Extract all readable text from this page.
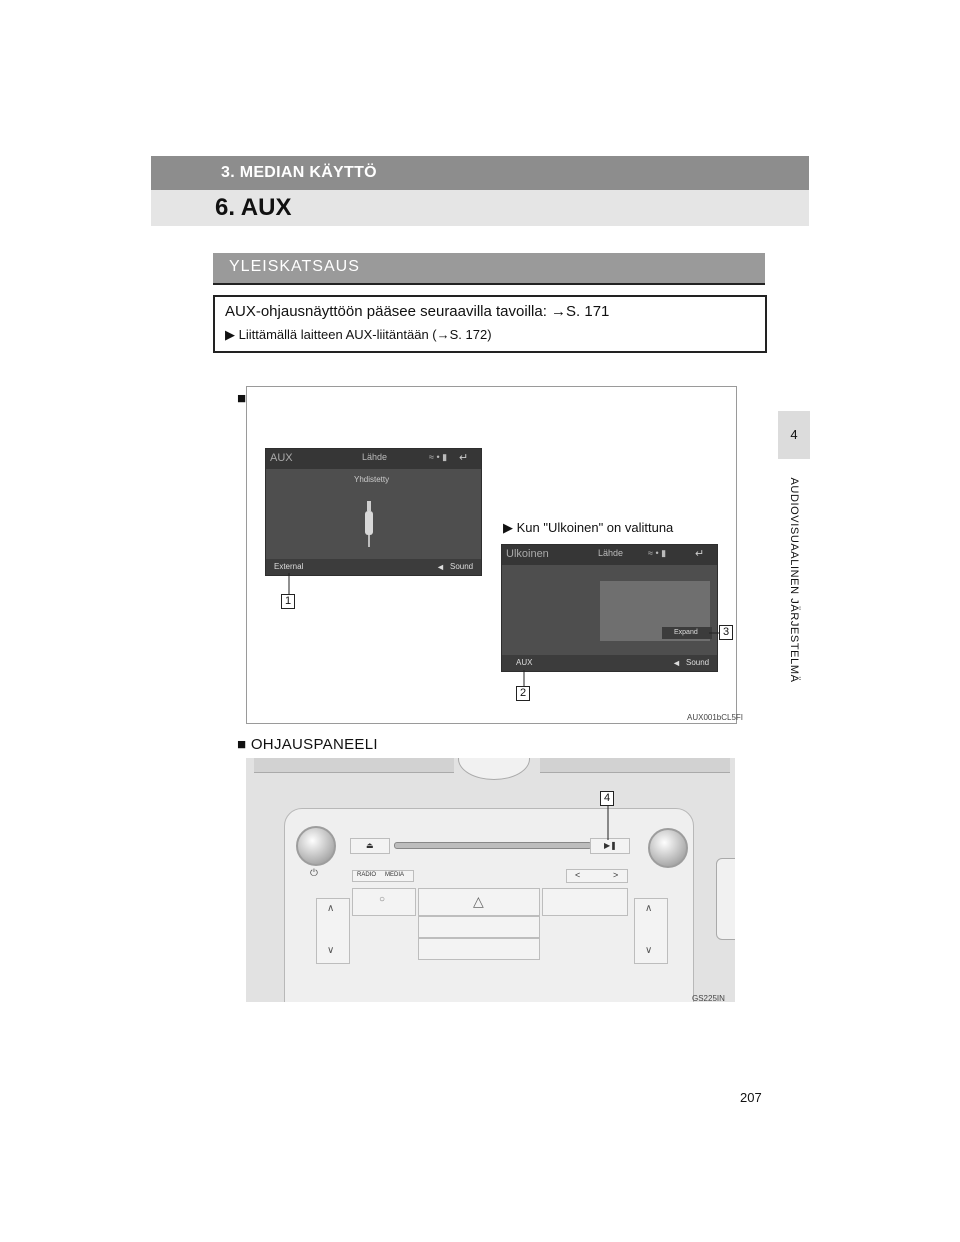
3. MEDIAN KÄYTTÖ
6. AUX
4
AUDIOVISUAALINEN JÄRJESTELMÄ
YLEISKATSAUS
AUX-ohjausnäyttöön pääsee seuraavilla tavoilla: →S. 171
▶ Liittämällä laitteen AUX-liitäntään (→S. 172)
■
AUX	Lähde	≈ • ▮ ↵
Yhdistetty
External	◄ Sound
1
▶ Kun "Ulkoinen" on valittuna
Ulkoinen	Lähde	≈ • ▮	↵
Expand
AUX	◄ Sound
3
2
AUX001bCL5FI
■ OHJAUSPANEELI
⏏	▶❚
4
⏻	RADIO MEDIA	<	>
△
○
∧
∨
∧
∨
GS225IN
207
